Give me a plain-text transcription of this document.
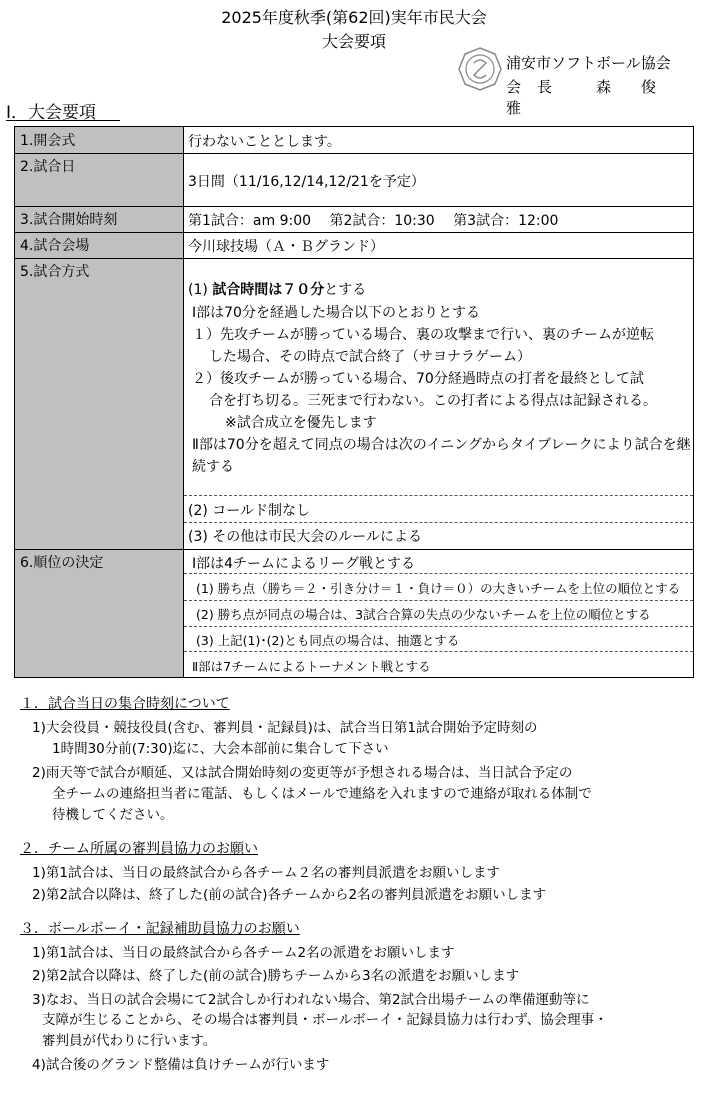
2025年度秋季(第62回)実年市民大会
大会要項
浦安市ソフトボール協会
会長 森俊雅
Ⅰ．大会要項
1.開会式
2.試合日
3.試合開始時刻
4.試合会場
5.試合方式
6.順位の決定
行わないこととします。
3日間（11/16,12/14,12/21を予定）
第1試合：am 9:00　 第2試合：10:30　 第3試合：12:00
今川球技場（Ａ・Ｂグランド）
(1) 試合時間は７０分とする
Ⅰ部は70分を経過した場合以下のとおりとする
１）先攻チームが勝っている場合、裏の攻撃まで行い、裏のチームが逆転
した場合、その時点で試合終了（サヨナラゲーム）
２）後攻チームが勝っている場合、70分経過時点の打者を最終として試
合を打ち切る。三死まで行わない。この打者による得点は記録される。
※試合成立を優先します
Ⅱ部は70分を超えて同点の場合は次のイニングからタイブレークにより試合を継
続する
(2) コールド制なし
(3) その他は市民大会のルールによる
Ⅰ部は4チームによるリーグ戦とする
(1) 勝ち点（勝ち＝２・引き分け＝１・負け＝０）の大きいチームを上位の順位とする
(2) 勝ち点が同点の場合は、3試合合算の失点の少ないチームを上位の順位とする
(3) 上記(1)･(2)とも同点の場合は、抽選とする
Ⅱ部は7チームによるトーナメント戦とする
１．試合当日の集合時刻について
1)大会役員・競技役員(含む、審判員・記録員)は、試合当日第1試合開始予定時刻の
1時間30分前(7:30)迄に、大会本部前に集合して下さい
2)雨天等で試合が順延、又は試合開始時刻の変更等が予想される場合は、当日試合予定の
全チームの連絡担当者に電話、もしくはメールで連絡を入れますので連絡が取れる体制で
待機してください。
２．チーム所属の審判員協力のお願い
1)第1試合は、当日の最終試合から各チーム２名の審判員派遣をお願いします
2)第2試合以降は、終了した(前の試合)各チームから2名の審判員派遣をお願いします
３．ボールボーイ・記録補助員協力のお願い
1)第1試合は、当日の最終試合から各チーム2名の派遣をお願いします
2)第2試合以降は、終了した(前の試合)勝ちチームから3名の派遣をお願いします
3)なお、当日の試合会場にて2試合しか行われない場合、第2試合出場チームの準備運動等に
支障が生じることから、その場合は審判員・ボールボーイ・記録員協力は行わず、協会理事・
審判員が代わりに行います。
4)試合後のグランド整備は負けチームが行います
